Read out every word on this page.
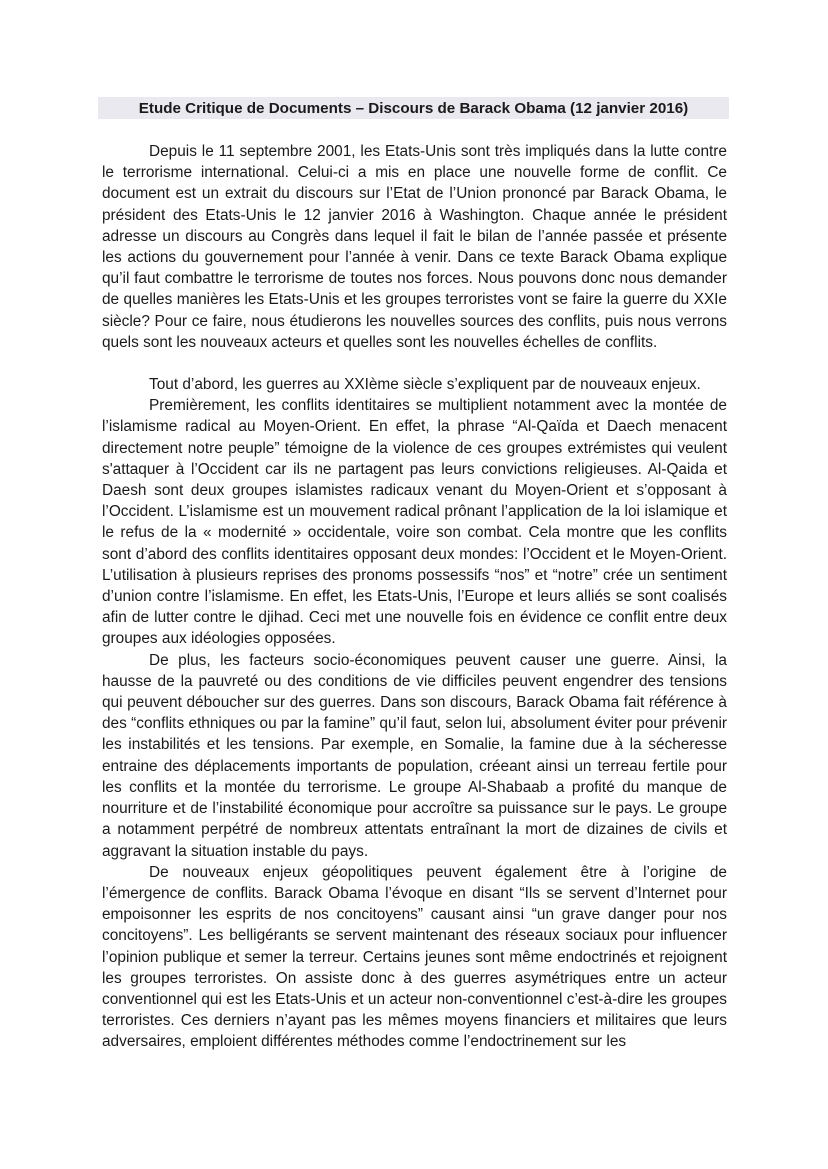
Etude Critique de Documents – Discours de Barack Obama (12 janvier 2016)

Depuis le 11 septembre 2001, les Etats-Unis sont très impliqués dans la lutte contre le terrorisme international. Celui-ci a mis en place une nouvelle forme de conflit. Ce document est un extrait du discours sur l’Etat de l’Union prononcé par Barack Obama, le président des Etats-Unis le 12 janvier 2016 à Washington. Chaque année le président adresse un discours au Congrès dans lequel il fait le bilan de l’année passée et présente les actions du gouvernement pour l’année à venir. Dans ce texte Barack Obama explique qu’il faut combattre le terrorisme de toutes nos forces. Nous pouvons donc nous demander de quelles manières les Etats-Unis et les groupes terroristes vont se faire la guerre du XXIe siècle? Pour ce faire, nous étudierons les nouvelles sources des conflits, puis nous verrons quels sont les nouveaux acteurs et quelles sont les nouvelles échelles de conflits.

Tout d’abord, les guerres au XXIème siècle s’expliquent par de nouveaux enjeux.

Premièrement, les conflits identitaires se multiplient notamment avec la montée de l’islamisme radical au Moyen-Orient. En effet, la phrase “Al-Qaïda et Daech menacent directement notre peuple” témoigne de la violence de ces groupes extrémistes qui veulent s'attaquer à l’Occident car ils ne partagent pas leurs convictions religieuses. Al-Qaida et Daesh sont deux groupes islamistes radicaux venant du Moyen-Orient et s’opposant à l’Occident. L’islamisme est un mouvement radical prônant l’application de la loi islamique et le refus de la « modernité » occidentale, voire son combat. Cela montre que les conflits sont d’abord des conflits identitaires opposant deux mondes: l’Occident et le Moyen-Orient. L’utilisation à plusieurs reprises des pronoms possessifs “nos” et “notre” crée un sentiment d’union contre l’islamisme. En effet, les Etats-Unis, l’Europe et leurs alliés se sont coalisés afin de lutter contre le djihad. Ceci met une nouvelle fois en évidence ce conflit entre deux groupes aux idéologies opposées.

De plus, les facteurs socio-économiques peuvent causer une guerre. Ainsi, la hausse de la pauvreté ou des conditions de vie difficiles peuvent engendrer des tensions qui peuvent déboucher sur des guerres. Dans son discours, Barack Obama fait référence à des “conflits ethniques ou par la famine” qu’il faut, selon lui, absolument éviter pour prévenir les instabilités et les tensions. Par exemple, en Somalie, la famine due à la sécheresse entraine des déplacements importants de population, créeant ainsi un terreau fertile pour les conflits et la montée du terrorisme. Le groupe Al-Shabaab a profité du manque de nourriture et de l’instabilité économique pour accroître sa puissance sur le pays. Le groupe a notamment perpétré de nombreux attentats entraînant la mort de dizaines de civils et aggravant la situation instable du pays.

De nouveaux enjeux géopolitiques peuvent également être à l’origine de l’émergence de conflits. Barack Obama l’évoque en disant “Ils se servent d’Internet pour empoisonner les esprits de nos concitoyens” causant ainsi “un grave danger pour nos concitoyens”. Les belligérants se servent maintenant des réseaux sociaux pour influencer l’opinion publique et semer la terreur. Certains jeunes sont même endoctrinés et rejoignent les groupes terroristes. On assiste donc à des guerres asymétriques entre un acteur conventionnel qui est les Etats-Unis et un acteur non-conventionnel c’est-à-dire les groupes terroristes. Ces derniers n’ayant pas les mêmes moyens financiers et militaires que leurs adversaires, emploient différentes méthodes comme l’endoctrinement sur les
